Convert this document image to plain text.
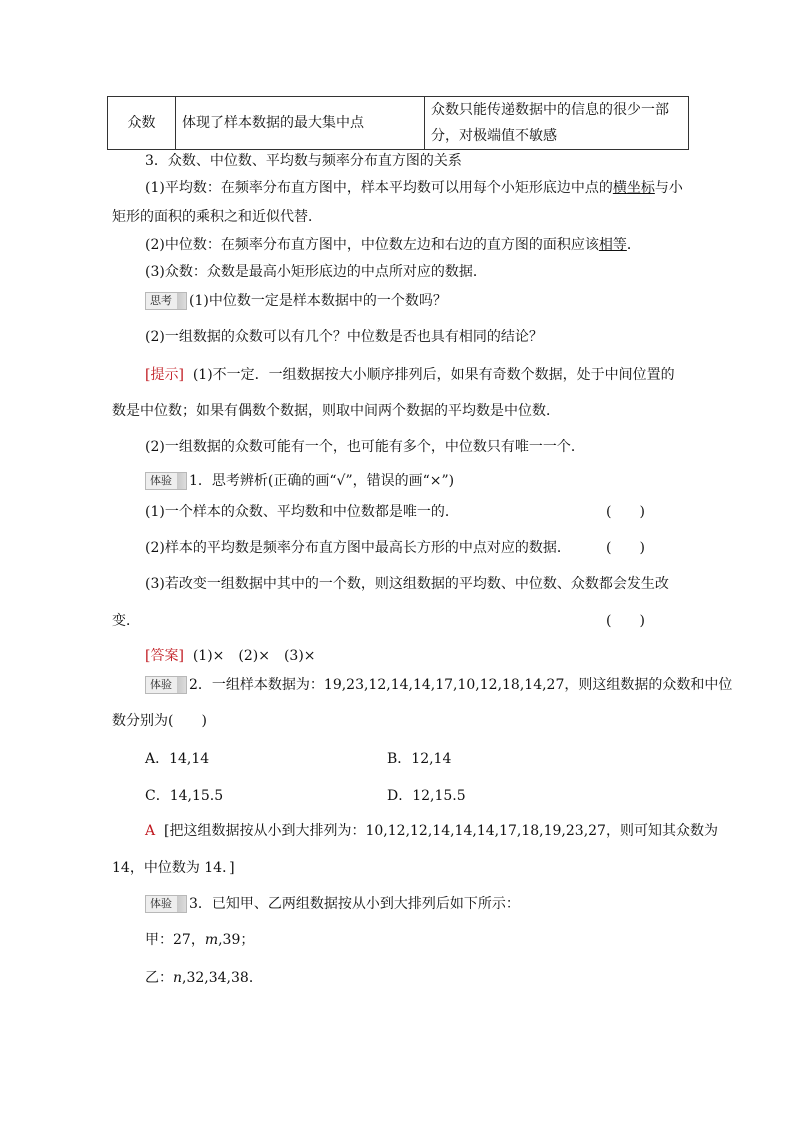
众数	体现了样本数据的最大集中点	众数只能传递数据中的信息的很少一部
分，对极端值不敏感
3．众数、中位数、平均数与频率分布直方图的关系
(1)平均数：在频率分布直方图中，样本平均数可以用每个小矩形底边中点的横坐标与小
矩形的面积的乘积之和近似代替．
(2)中位数：在频率分布直方图中，中位数左边和右边的直方图的面积应该相等．
(3)众数：众数是最高小矩形底边的中点所对应的数据．
思考 (1)中位数一定是样本数据中的一个数吗？
(2)一组数据的众数可以有几个？中位数是否也具有相同的结论？
[提示] (1)不一定．一组数据按大小顺序排列后，如果有奇数个数据，处于中间位置的
数是中位数；如果有偶数个数据，则取中间两个数据的平均数是中位数．
(2)一组数据的众数可能有一个，也可能有多个，中位数只有唯一一个．
体验 1．思考辨析(正确的画“√”，错误的画“×”)
(1)一个样本的众数、平均数和中位数都是唯一的．	(　　)
(2)样本的平均数是频率分布直方图中最高长方形的中点对应的数据．	(　　)
(3)若改变一组数据中其中的一个数，则这组数据的平均数、中位数、众数都会发生改
变．	(　　)
[答案] (1)×　(2)×　(3)×
体验 2．一组样本数据为：19,23,12,14,14,17,10,12,18,14,27，则这组数据的众数和中位
数分别为(　　)
A．14,14	B．12,14
C．14,15.5	D．12,15.5
A [把这组数据按从小到大排列为：10,12,12,14,14,14,17,18,19,23,27，则可知其众数为
14，中位数为 14．]
体验 3．已知甲、乙两组数据按从小到大排列后如下所示：
甲：27，m,39；
乙：n,32,34,38．
